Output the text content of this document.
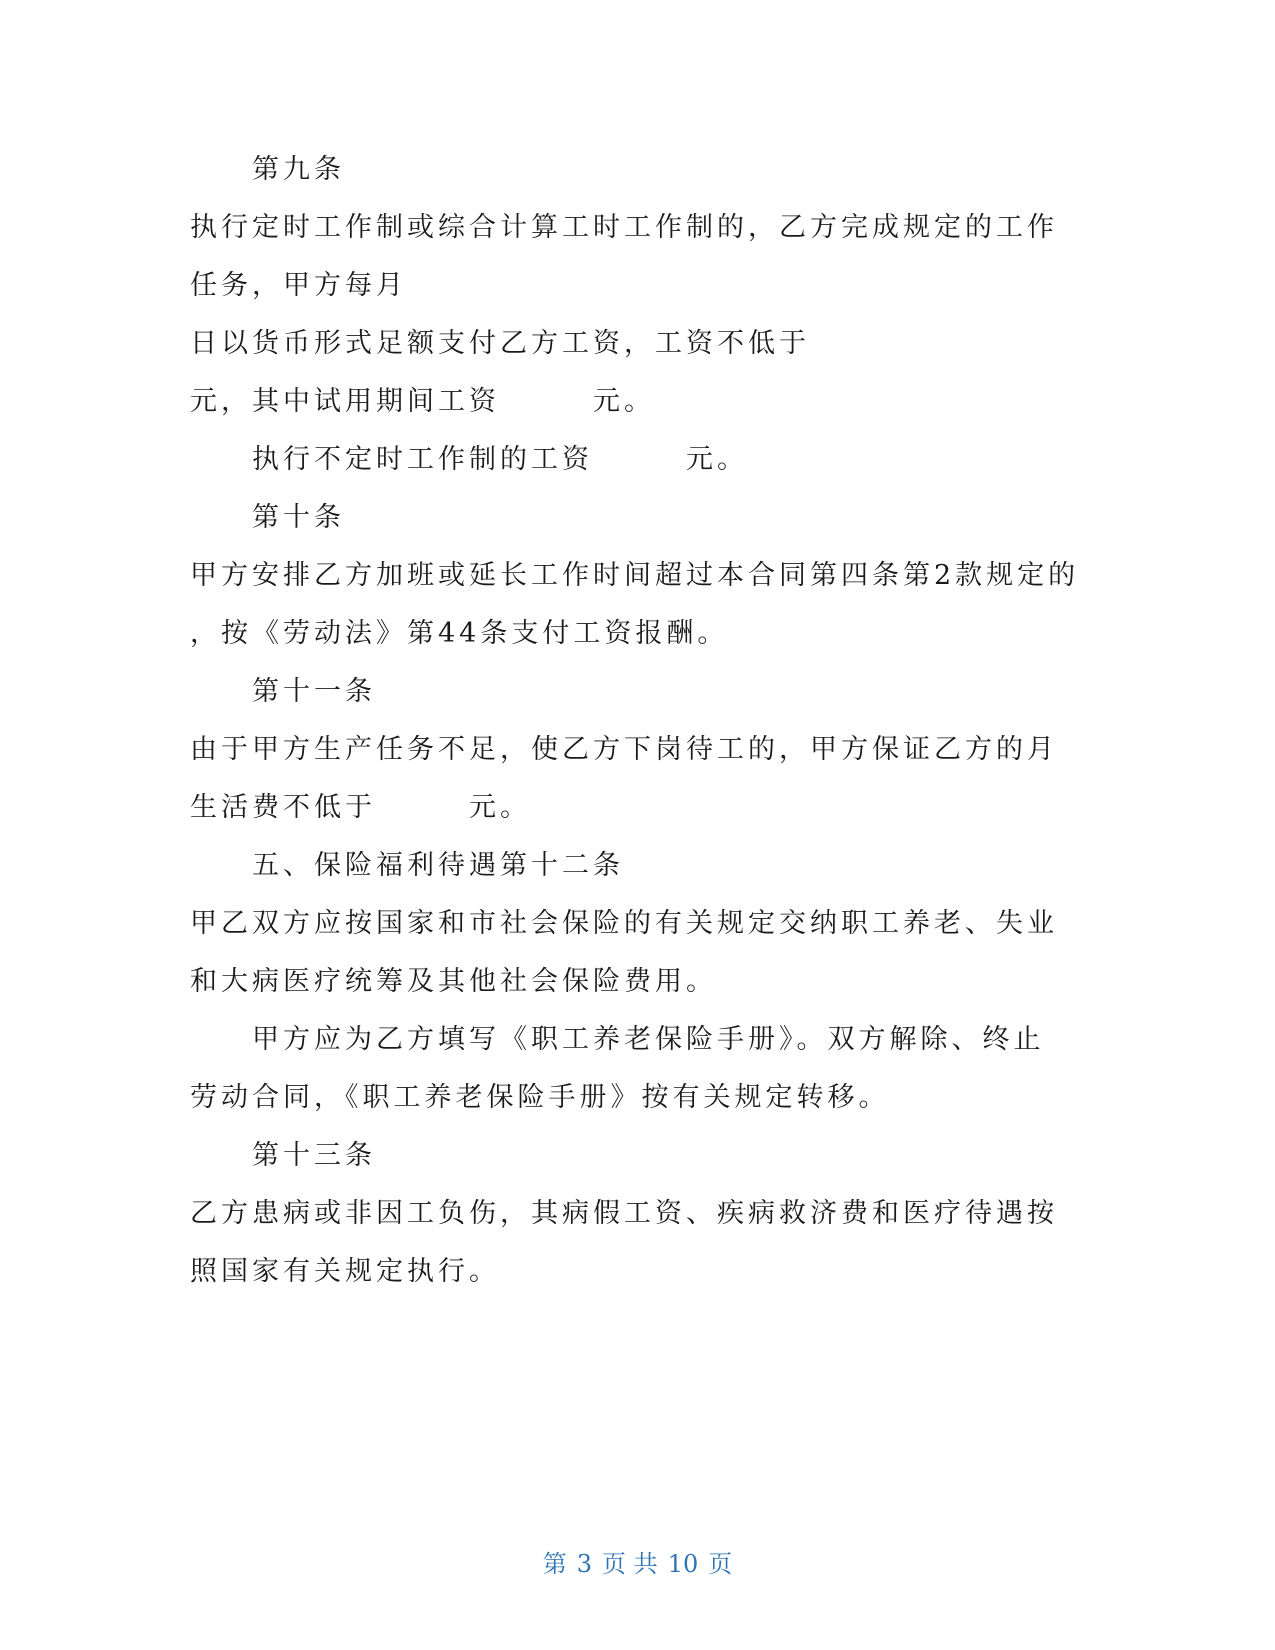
第九条
执行定时工作制或综合计算工时工作制的，乙方完成规定的工作
任务，甲方每月
日以货币形式足额支付乙方工资，工资不低于
元，其中试用期间工资　　　元。
执行不定时工作制的工资　　　元。
第十条
甲方安排乙方加班或延长工作时间超过本合同第四条第2款规定的
，按《劳动法》第44条支付工资报酬。
第十一条
由于甲方生产任务不足，使乙方下岗待工的，甲方保证乙方的月
生活费不低于　　　元。
五、保险福利待遇第十二条
甲乙双方应按国家和市社会保险的有关规定交纳职工养老、失业
和大病医疗统筹及其他社会保险费用。
甲方应为乙方填写《职工养老保险手册》。双方解除、终止
劳动合同，《职工养老保险手册》按有关规定转移。
第十三条
乙方患病或非因工负伤，其病假工资、疾病救济费和医疗待遇按
照国家有关规定执行。
第 3 页 共 10 页
